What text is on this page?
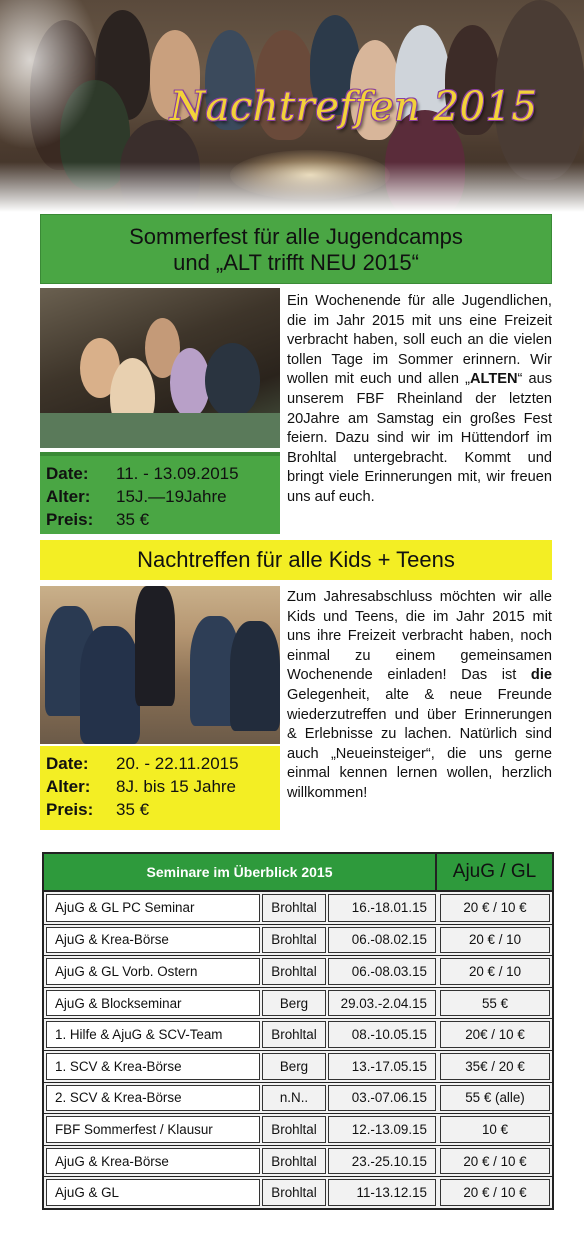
Nachtreffen 2015
Sommerfest für alle Jugendcamps
und „ALT trifft NEU 2015“
Date:	11. - 13.09.2015
Alter:	15J.—19Jahre
Preis:	35 €
Ein Wochenende für alle Jugendlichen, die im Jahr 2015 mit uns eine Freizeit verbracht haben, soll euch an die vielen tollen Tage im Sommer erinnern. Wir wollen mit euch und allen „ALTEN“ aus unserem FBF Rheinland der letzten 20Jahre am Samstag ein großes Fest feiern. Dazu sind wir im Hüttendorf im Brohltal untergebracht. Kommt und bringt viele Erinnerungen mit, wir freuen uns auf euch.
Nachtreffen für alle Kids + Teens
Date:	20. - 22.11.2015
Alter:	8J. bis 15 Jahre
Preis:	35 €
Zum Jahresabschluss möchten wir alle Kids und Teens, die im Jahr 2015 mit uns ihre Freizeit verbracht haben, noch einmal zu einem gemeinsamen Wochenende einladen! Das ist die Gelegenheit, alte & neue Freunde wiederzutreffen und über Erinnerungen & Erlebnisse zu lachen. Natürlich sind auch „Neueinsteiger“, die uns gerne einmal kennen lernen wollen, herzlich willkommen!
Seminare im Überblick 2015	AjuG / GL
AjuG & GL PC Seminar	Brohltal	16.-18.01.15	20 € / 10 €
AjuG & Krea-Börse	Brohltal	06.-08.02.15	20 € / 10
AjuG & GL Vorb. Ostern	Brohltal	06.-08.03.15	20 € / 10
AjuG & Blockseminar	Berg	29.03.-2.04.15	55 €
1. Hilfe & AjuG & SCV-Team	Brohltal	08.-10.05.15	20€ / 10 €
1. SCV & Krea-Börse	Berg	13.-17.05.15	35€ / 20 €
2. SCV & Krea-Börse	n.N..	03.-07.06.15	55 € (alle)
FBF Sommerfest / Klausur	Brohltal	12.-13.09.15	10 €
AjuG & Krea-Börse	Brohltal	23.-25.10.15	20 € / 10 €
AjuG & GL	Brohltal	11-13.12.15	20 € / 10 €
